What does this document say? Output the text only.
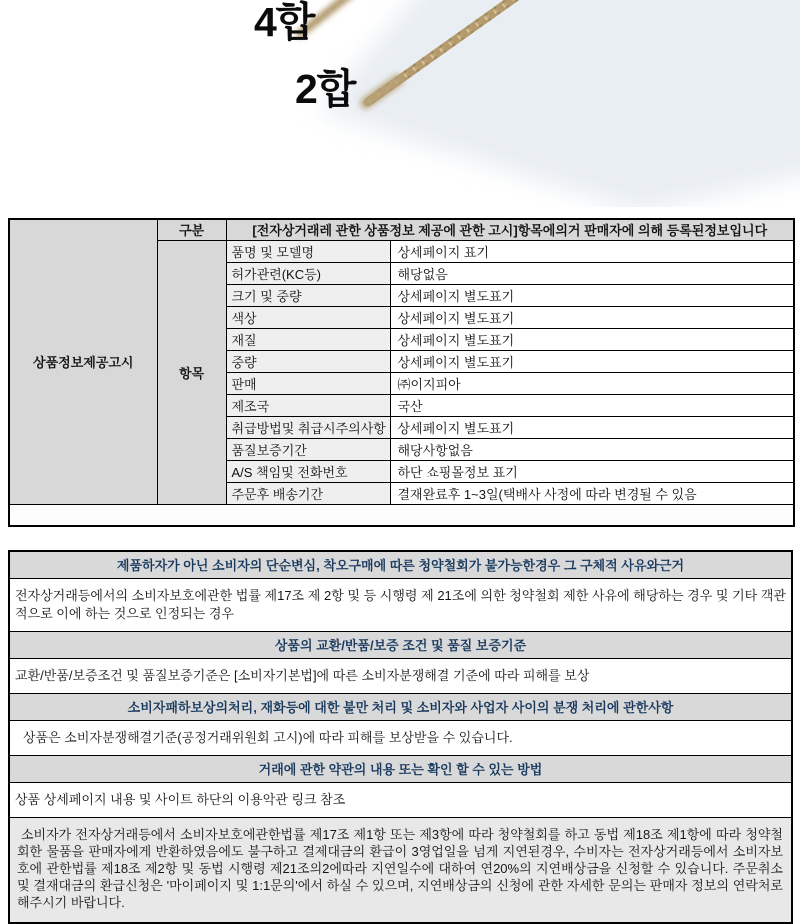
4합
2합
상품정보제공고시	구분	[전자상거래레 관한 상품정보 제공에 관한 고시]항목에의거 판매자에 의해 등록된정보입니다	
	항목	품명 및 모델명	상세페이지 표기
		허가관련(KC등)	해당없음
		크기 및 중량	상세페이지 별도표기
		색상	상세페이지 별도표기
		재질	상세페이지 별도표기
		중량	상세페이지 별도표기
		판매	㈜이지피아
		제조국	국산
		취급방법및 취급시주의사항	상세페이지 별도표기
		품질보증기간	해당사항없음
		A/S 책임및 전화번호	하단 쇼핑몰정보 표기
		주문후 배송기간	결재완료후 1~3일(택배사 사정에 따라 변경될 수 있음

제품하자가 아닌 소비자의 단순변심, 착오구매에 따른 청약철회가 불가능한경우 그 구체적 사유와근거
전자상거래등에서의 소비자보호에관한 법률 제17조 제 2항 및 등 시행령 제 21조에 의한 청약철회 제한 사유에 해당하는 경우 및 기타 객관적으로 이에 하는 것으로 인정되는 경우
상품의 교환/반품/보증 조건 및 품질 보증기준
교환/반품/보증조건 및 품질보증기준은 [소비자기본법]에 따른 소비자분쟁해결 기준에 따라 피해를 보상
소비자패하보상의처리, 재화등에 대한 불만 처리 및 소비자와 사업자 사이의 분쟁 처리에 관한사항
상품은 소비자분쟁해결기준(공정거래위원회 고시)에 따라 피해를 보상받을 수 있습니다.
거래에 관한 약관의 내용 또는 확인 할 수 있는 방법
상품 상세페이지 내용 및 사이트 하단의 이용악관 링크 참조
소비자가 전자상거래등에서 소비자보호에관한법률 제17조 제1항 또는 제3항에 따라 청약철회를 하고 동법 제18조 제1항에 따라 청약철회한 물품을 판매자에게 반환하였음에도 불구하고 결제대금의 환급이 3영업일을 넘게 지연된경우, 수비자는 전자상거래등에서 소비자보호에 관한법률 제18조 제2항 및 동법 시행령 제21조의2에따라 지연일수에 대하여 연20%의 지연배상금을 신청할 수 있습니다. 주문취소 및 결재대금의 환급신청은 '마이페이지 및 1:1문의'에서 하실 수 있으며, 지연배상금의 신청에 관한 자세한 문의는 판매자 정보의 연락처로 해주시기 바랍니다.
